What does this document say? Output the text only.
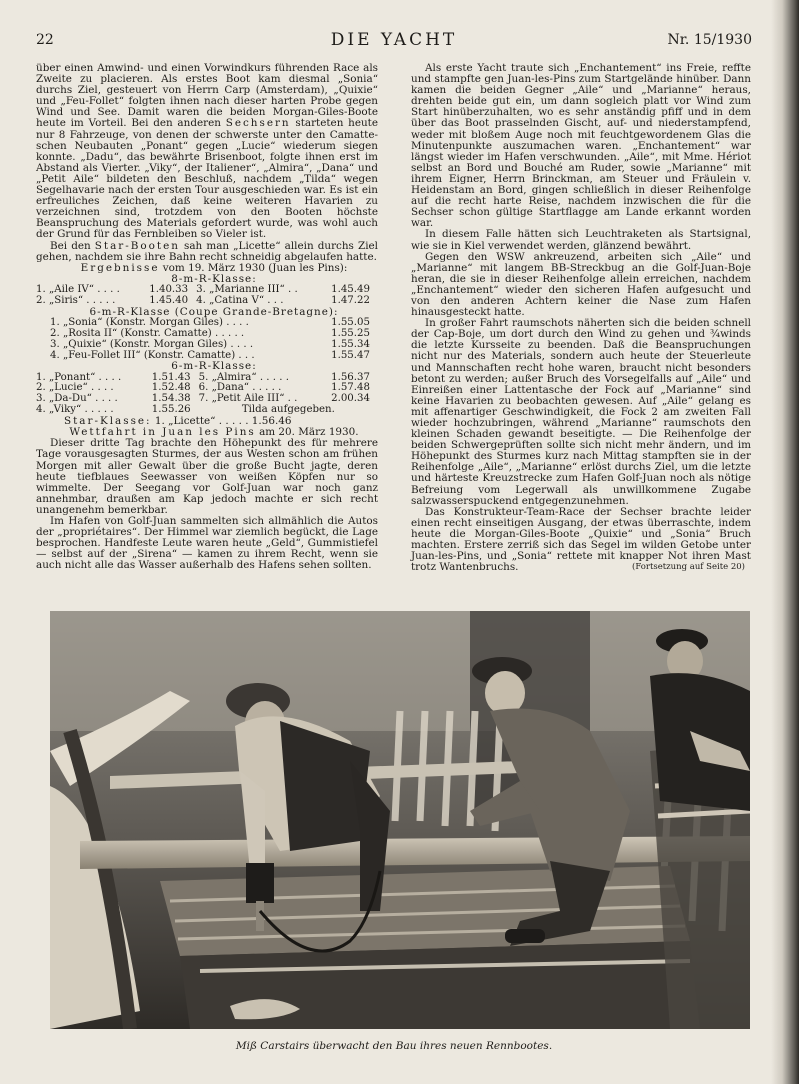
22	DIE YACHT	Nr. 15/1930

über einen Amwind- und einen Vorwindkurs führenden Race als Zweite zu placieren. Als erstes Boot kam diesmal „Sonia“ durchs Ziel, gesteuert von Herrn Carp (Amsterdam), „Quixie“ und „Feu-Follet“ folgten ihnen nach dieser harten Probe gegen Wind und See. Damit waren die beiden Morgan-Giles-Boote heute im Vorteil. Bei den anderen Sechsern starteten heute nur 8 Fahrzeuge, von denen der schwerste unter den Camatte-schen Neubauten „Ponant“ gegen „Lucie“ wiederum siegen konnte. „Dadu“, das bewährte Brisenboot, folgte ihnen erst im Abstand als Vierter. „Viky“, der Italiener“, „Almira“, „Dana“ und „Petit Aile“ bildeten den Beschluß, nachdem „Tilda“ wegen Segelhavarie nach der ersten Tour ausgeschieden war. Es ist ein erfreuliches Zeichen, daß keine weiteren Havarien zu verzeichnen sind, trotzdem von den Booten höchste Beanspruchung des Materials gefordert wurde, was wohl auch der Grund für das Fernbleiben so Vieler ist.

Bei den Star-Booten sah man „Licette“ allein durchs Ziel gehen, nachdem sie ihre Bahn recht schneidig abgelaufen hatte.

Ergebnisse vom 19. März 1930 (Juan les Pins):

8-m-R-Klasse:

1. „Aile IV“ . . . .	1.40.33	3. „Marianne III“ . .	1.45.49
2. „Siris“ . . . . .	1.45.40	4. „Catina V“ . . .	1.47.22

6-m-R-Klasse (Coupe Grande-Bretagne):

1. „Sonia“ (Konstr. Morgan Giles) . . . .	1.55.05
2. „Rosita II“ (Konstr. Camatte) . . . . .	1.55.25
3. „Quixie“ (Konstr. Morgan Giles) . . . .	1.55.34
4. „Feu-Follet III“ (Konstr. Camatte) . . .	1.55.47

6-m-R-Klasse:

1. „Ponant“ . . . .	1.51.43	5. „Almira“ . . . . .	1.56.37
2. „Lucie“ . . . .	1.52.48	6. „Dana“ . . . . .	1.57.48
3. „Da-Du“ . . . .	1.54.38	7. „Petit Aile III“ . .	2.00.34
4. „Viky“ . . . . .	1.55.26	Tilda aufgegeben.	

Star-Klasse: 1. „Licette“ . . . . . 1.56.46

Wettfahrt in Juan les Pins am 20. März 1930.

Dieser dritte Tag brachte den Höhepunkt des für mehrere Tage vorausgesagten Sturmes, der aus Westen schon am frühen Morgen mit aller Gewalt über die große Bucht jagte, deren heute tiefblaues Seewasser von weißen Köpfen nur so wimmelte. Der Seegang vor Golf-Juan war noch ganz annehmbar, draußen am Kap jedoch machte er sich recht unangenehm bemerkbar.

Im Hafen von Golf-Juan sammelten sich allmählich die Autos der „propriétaires“. Der Himmel war ziemlich begückt, die Lage besprochen. Handfeste Leute waren heute „Geld“, Gummistiefel — selbst auf der „Sirena“ — kamen zu ihrem Recht, wenn sie auch nicht alle das Wasser außerhalb des Hafens sehen sollten.

Als erste Yacht traute sich „Enchantement“ ins Freie, reffte und stampfte gen Juan-les-Pins zum Startgelände hinüber. Dann kamen die beiden Gegner „Aile“ und „Marianne“ heraus, drehten beide gut ein, um dann sogleich platt vor Wind zum Start hinüberzuhalten, wo es sehr anständig pfiff und in dem über das Boot prasselnden Gischt, auf- und niederstampfend, weder mit bloßem Auge noch mit feuchtgewordenem Glas die Minutenpunkte auszumachen waren. „Enchantement“ war längst wieder im Hafen verschwunden. „Aile“, mit Mme. Hériot selbst an Bord und Bouché am Ruder, sowie „Marianne“ mit ihrem Eigner, Herrn Brinckman, am Steuer und Fräulein v. Heidenstam an Bord, gingen schließlich in dieser Reihenfolge auf die recht harte Reise, nachdem inzwischen die für die Sechser schon gültige Startflagge am Lande erkannt worden war.

In diesem Falle hätten sich Leuchtraketen als Startsignal, wie sie in Kiel verwendet werden, glänzend bewährt.

Gegen den WSW ankreuzend, arbeiten sich „Aile“ und „Marianne“ mit langem BB-Streckbug an die Golf-Juan-Boje heran, die sie in dieser Reihenfolge allein erreichen, nachdem „Enchantement“ wieder den sicheren Hafen aufgesucht und von den anderen Achtern keiner die Nase zum Hafen hinausgesteckt hatte.

In großer Fahrt raumschots näherten sich die beiden schnell der Cap-Boje, um dort durch den Wind zu gehen und ¾winds die letzte Kursseite zu beenden. Daß die Beanspruchungen nicht nur des Materials, sondern auch heute der Steuerleute und Mannschaften recht hohe waren, braucht nicht besonders betont zu werden; außer Bruch des Vorsegelfalls auf „Aile“ und Einreißen einer Lattentasche der Fock auf „Marianne“ sind keine Havarien zu beobachten gewesen. Auf „Aile“ gelang es mit affenartiger Geschwindigkeit, die Fock 2 am zweiten Fall wieder hochzubringen, während „Marianne“ raumschots den kleinen Schaden gewandt beseitigte. — Die Reihenfolge der beiden Schwergeprüften sollte sich nicht mehr ändern, und im Höhepunkt des Sturmes kurz nach Mittag stampften sie in der Reihenfolge „Aile“, „Marianne“ erlöst durchs Ziel, um die letzte und härteste Kreuzstrecke zum Hafen Golf-Juan noch als nötige Befreiung vom Legerwall als unwillkommene Zugabe salzwasserspuckend entgegenzunehmen.

Das Konstrukteur-Team-Race der Sechser brachte leider einen recht einseitigen Ausgang, der etwas überraschte, indem heute die Morgan-Giles-Boote „Quixie“ und „Sonia“ Bruch machten. Erstere zerriß sich das Segel im wilden Getobe unter Juan-les-Pins, und „Sonia“ rettete mit knapper Not ihren Mast trotz Wantenbruchs.	(Fortsetzung auf Seite 20)

Miß Carstairs überwacht den Bau ihres neuen Rennbootes.
